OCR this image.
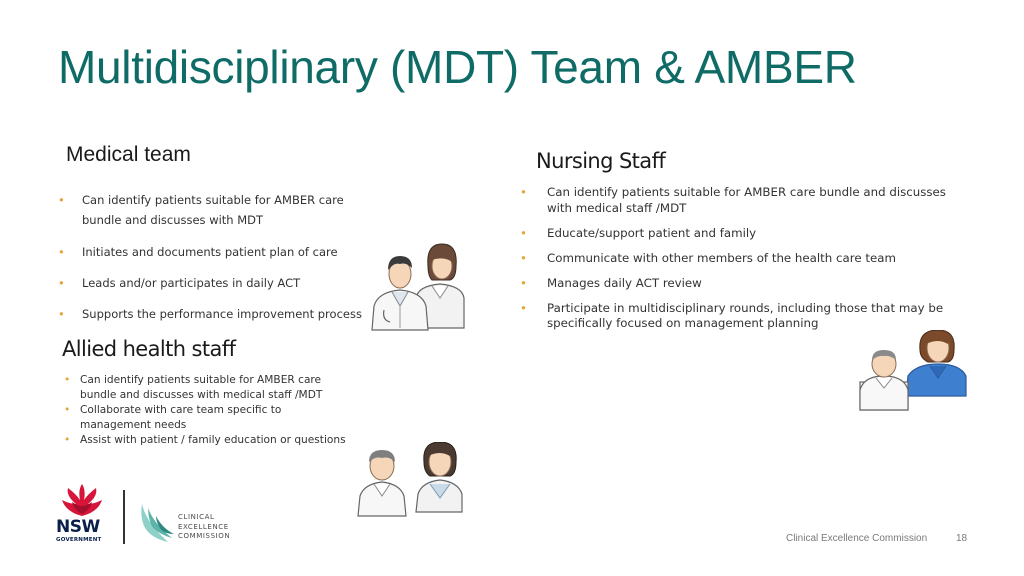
Multidisciplinary (MDT) Team & AMBER
Medical team
• Can identify patients suitable for AMBER care bundle and discusses with MDT
• Initiates and documents patient plan of care
• Leads and/or participates in daily ACT
• Supports the performance improvement process
Nursing Staff
• Can identify patients suitable for AMBER care bundle and discusses with medical staff /MDT
• Educate/support patient and family
• Communicate with other members of the health care team
• Manages daily ACT review
• Participate in multidisciplinary rounds, including those that may be specifically focused on management planning
Allied health staff
• Can identify patients suitable for AMBER care bundle and discusses with medical staff /MDT
• Collaborate with care team specific to management needs
• Assist with patient / family education or questions
NSW
GOVERNMENT
CLINICAL
EXCELLENCE
COMMISSION	Clinical Excellence Commission	18
